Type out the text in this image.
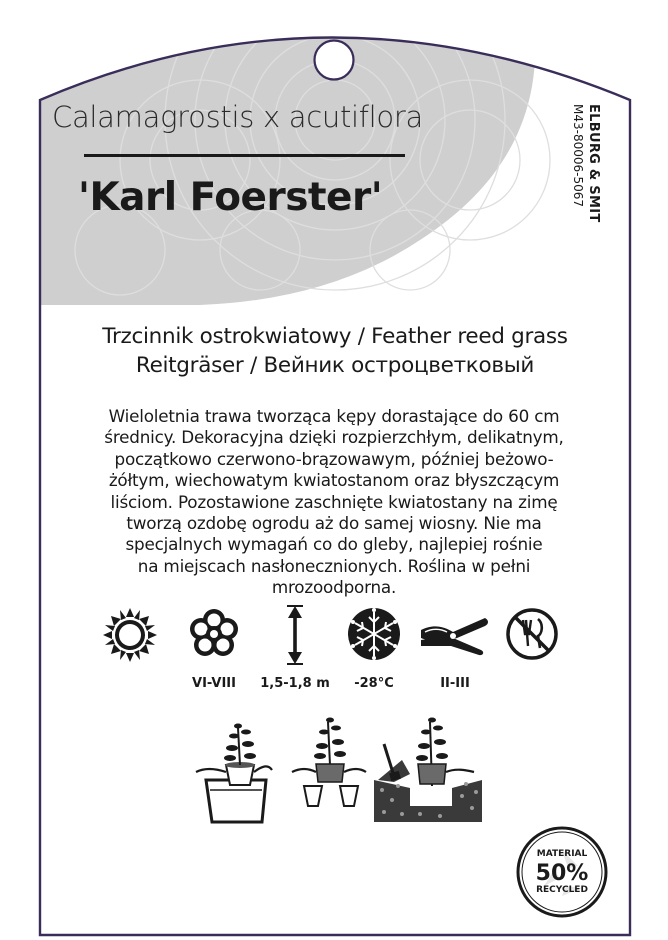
Calamagrostis x acutiflora
'Karl Foerster'	ELBURG & SMIT
M43-80006-5067
Trzcinnik ostrokwiatowy / Feather reed grass
Reitgräser / Вейник остроцветковый
Wieloletnia trawa tworząca kępy dorastające do 60 cm
średnicy. Dekoracyjna dzięki rozpierzchłym, delikatnym,
początkowo czerwono-brązowawym, później beżowo-
żółtym, wiechowatym kwiatostanom oraz błyszczącym
liściom. Pozostawione zaschnięte kwiatostany na zimę
tworzą ozdobę ogrodu aż do samej wiosny. Nie ma
specjalnych wymagań co do gleby, najlepiej rośnie
na miejscach nasłonecznionych. Roślina w pełni
mrozoodporna.
VI-VIII	1,5-1,8 m	-28°C	II-III
MATERIAL
50%
RECYCLED
